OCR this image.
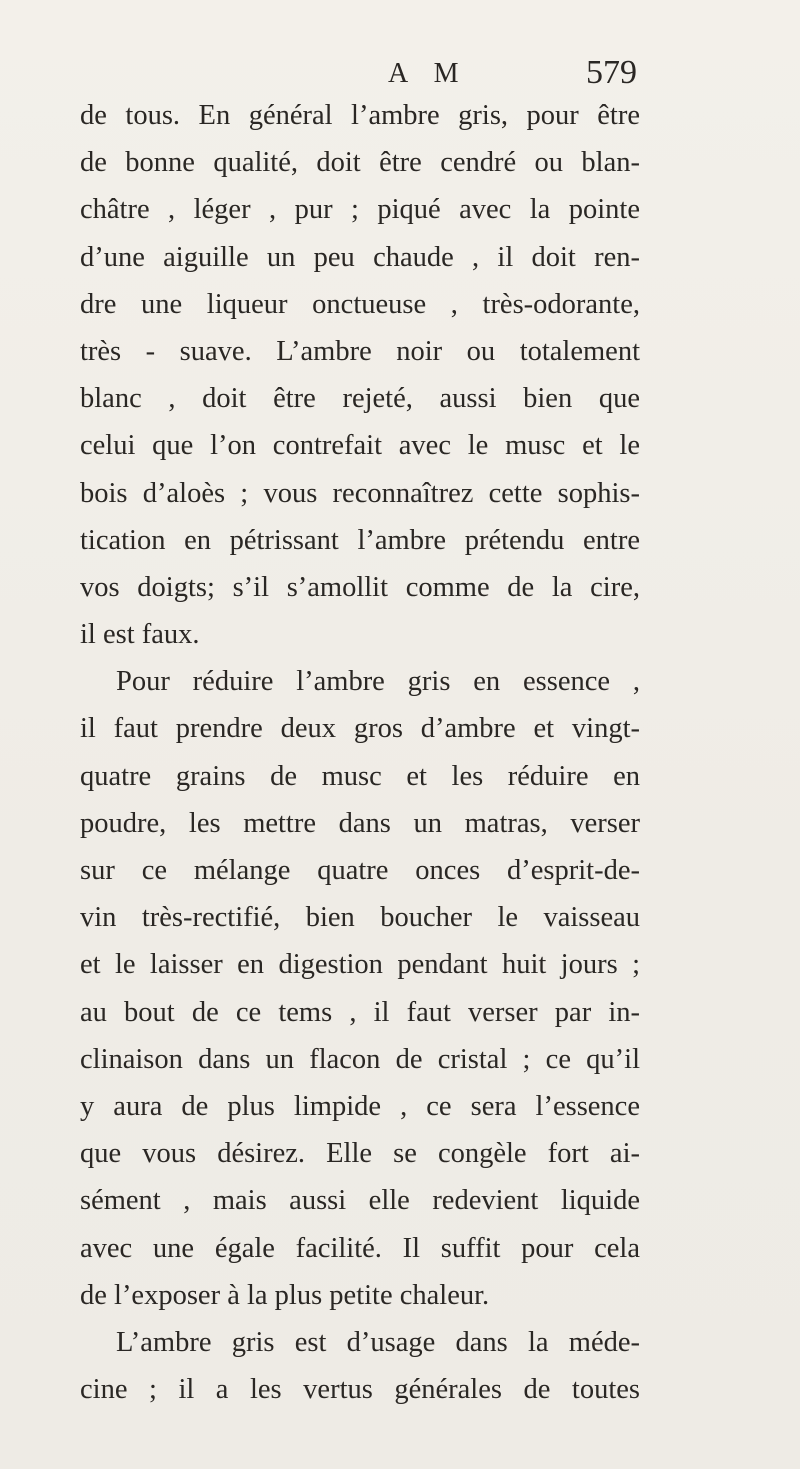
A M	579
de tous. En général l’ambre gris, pour être
de bonne qualité, doit être cendré ou blan-
châtre , léger , pur ; piqué avec la pointe
d’une aiguille un peu chaude , il doit ren-
dre une liqueur onctueuse , très-odorante,
très - suave. L’ambre noir ou totalement
blanc , doit être rejeté, aussi bien que
celui que l’on contrefait avec le musc et le
bois d’aloès ; vous reconnaîtrez cette sophis-
tication en pétrissant l’ambre prétendu entre
vos doigts; s’il s’amollit comme de la cire,
il est faux.
Pour réduire l’ambre gris en essence ,
il faut prendre deux gros d’ambre et vingt-
quatre grains de musc et les réduire en
poudre, les mettre dans un matras, verser
sur ce mélange quatre onces d’esprit-de-
vin très-rectifié, bien boucher le vaisseau
et le laisser en digestion pendant huit jours ;
au bout de ce tems , il faut verser par in-
clinaison dans un flacon de cristal ; ce qu’il
y aura de plus limpide , ce sera l’essence
que vous désirez. Elle se congèle fort ai-
sément , mais aussi elle redevient liquide
avec une égale facilité. Il suffit pour cela
de l’exposer à la plus petite chaleur.
L’ambre gris est d’usage dans la méde-
cine ; il a les vertus générales de toutes
